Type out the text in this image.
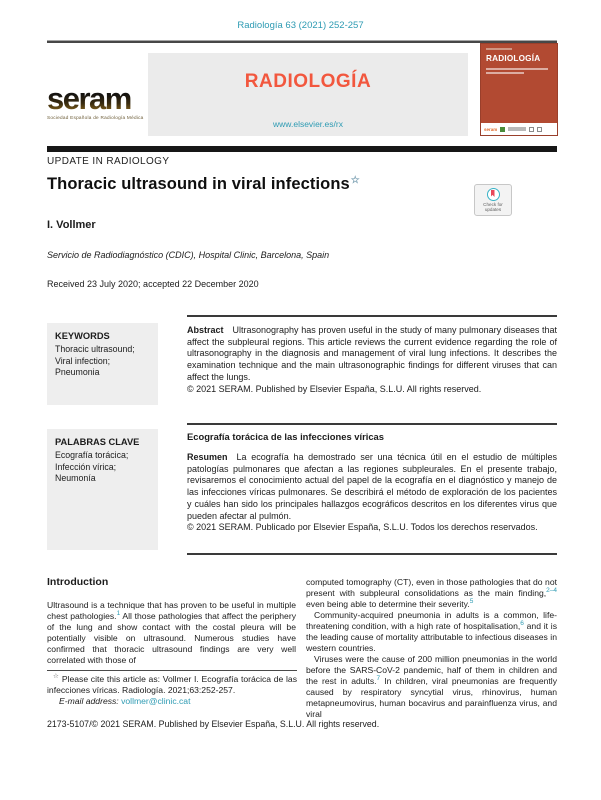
Radiología 63 (2021) 252-257
seram
Sociedad Española de Radiología Médica
RADIOLOGÍA
www.elsevier.es/rx
RADIOLOGÍA
seram
UPDATE IN RADIOLOGY
Thoracic ultrasound in viral infections☆
Check for updates
I. Vollmer
Servicio de Radiodiagnóstico (CDIC), Hospital Clinic, Barcelona, Spain
Received 23 July 2020; accepted 22 December 2020
KEYWORDS
Thoracic ultrasound;
Viral infection;
Pneumonia
Abstract Ultrasonography has proven useful in the study of many pulmonary diseases that affect the subpleural regions. This article reviews the current evidence regarding the role of ultrasonography in the diagnosis and management of viral lung infections. It describes the examination technique and the main ultrasonographic findings for different viruses that can affect the lungs.
© 2021 SERAM. Published by Elsevier España, S.L.U. All rights reserved.
PALABRAS CLAVE
Ecografía torácica;
Infección vírica;
Neumonía
Ecografía torácica de las infecciones víricas
Resumen La ecografía ha demostrado ser una técnica útil en el estudio de múltiples patologías pulmonares que afectan a las regiones subpleurales. En el presente trabajo, revisaremos el conocimiento actual del papel de la ecografía en el diagnóstico y manejo de las infecciones víricas pulmonares. Se describirá el método de exploración de los pacientes y cuáles han sido los principales hallazgos ecográficos descritos en los diferentes virus que pueden afectar al pulmón.
© 2021 SERAM. Publicado por Elsevier España, S.L.U. Todos los derechos reservados.
Introduction

Ultrasound is a technique that has proven to be useful in multiple chest pathologies.$^1$ All those pathologies that affect the periphery of the lung and show contact with the costal pleura will be potentially visible on ultrasound. Numerous studies have confirmed that thoracic ultrasound findings are very well correlated with those of

computed tomography (CT), even in those pathologies that do not present with subpleural consolidations as the main finding,$^{2-4}$ even being able to determine their severity.$^5$

Community-acquired pneumonia in adults is a common, life-threatening condition, with a high rate of hospitalisation,$^6$ and it is the leading cause of mortality attributable to infectious diseases in western countries.

Viruses were the cause of 200 million pneumonias in the world before the SARS-CoV-2 pandemic, half of them in children and the rest in adults.$^7$ In children, viral pneumonias are frequently caused by respiratory syncytial virus, rhinovirus, human metapneumovirus, human bocavirus and parainfluenza virus, and viral

☆ Please cite this article as: Vollmer I. Ecografía torácica de las infecciones víricas. Radiología. 2021;63:252-257.

E-mail address: vollmer@clinic.cat

2173-5107/© 2021 SERAM. Published by Elsevier España, S.L.U. All rights reserved.
